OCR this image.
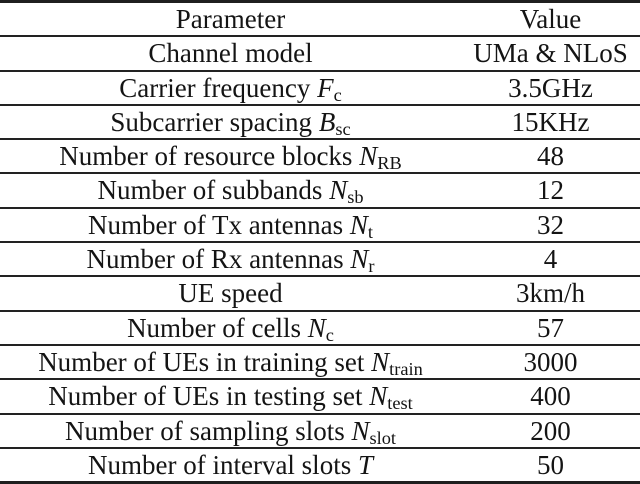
Parameter	Value
Channel model	UMa & NLoS
Carrier frequency $F_c$	3.5GHz
Subcarrier spacing $B_{sc}$	15KHz
Number of resource blocks $N_{RB}$	48
Number of subbands $N_{sb}$	12
Number of Tx antennas $N_t$	32
Number of Rx antennas $N_r$	4
UE speed	3km/h
Number of cells $N_c$	57
Number of UEs in training set $N_{train}$	3000
Number of UEs in testing set $N_{test}$	400
Number of sampling slots $N_{slot}$	200
Number of interval slots T	50
